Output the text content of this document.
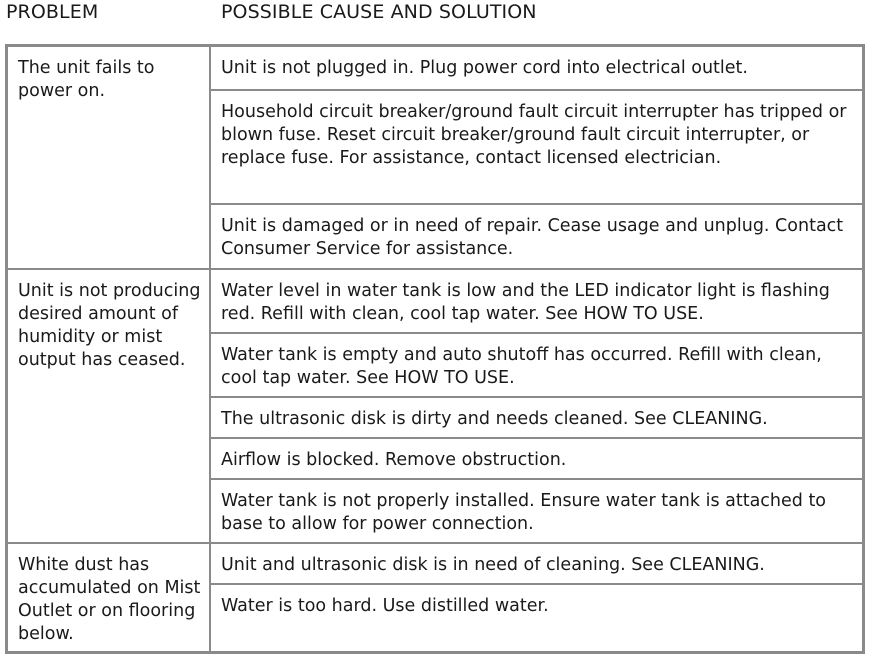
PROBLEM	POSSIBLE CAUSE AND SOLUTION
The unit fails to power on.	Unit is not plugged in. Plug power cord into electrical outlet.
	Household circuit breaker/ground fault circuit interrupter has tripped or blown fuse. Reset circuit breaker/ground fault circuit interrupter, or replace fuse. For assistance, contact licensed electrician.
	Unit is damaged or in need of repair. Cease usage and unplug. Contact Consumer Service for assistance.
Unit is not producing desired amount of humidity or mist output has ceased.	Water level in water tank is low and the LED indicator light is flashing red. Refill with clean, cool tap water. See HOW TO USE.
	Water tank is empty and auto shutoff has occurred. Refill with clean, cool tap water. See HOW TO USE.
	The ultrasonic disk is dirty and needs cleaned. See CLEANING.
	Airflow is blocked. Remove obstruction.
	Water tank is not properly installed. Ensure water tank is attached to base to allow for power connection.
White dust has accumulated on Mist Outlet or on flooring below.	Unit and ultrasonic disk is in need of cleaning. See CLEANING.
	Water is too hard. Use distilled water.
